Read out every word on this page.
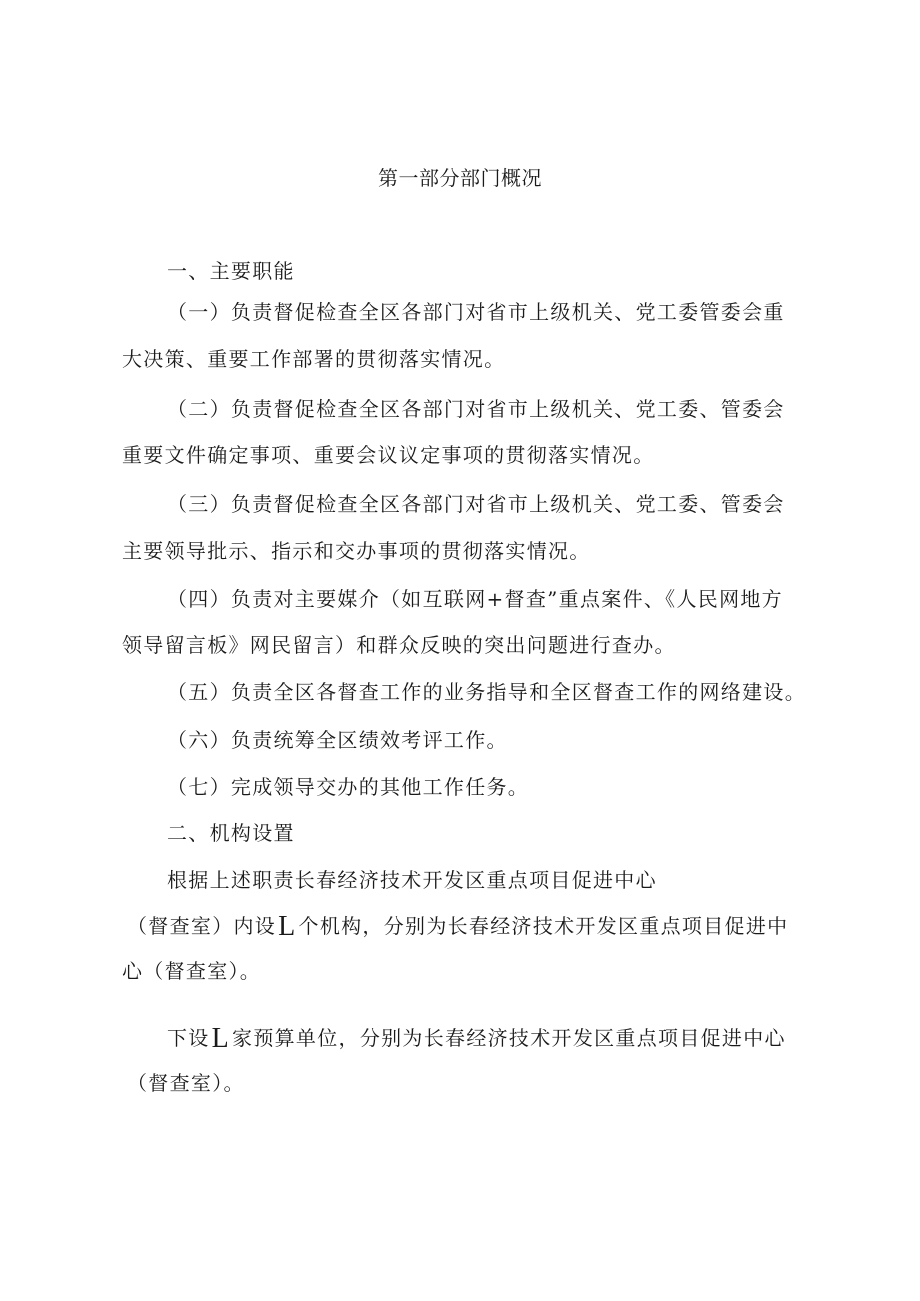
第一部分部门概况

一、主要职能

（一）负责督促检查全区各部门对省市上级机关、党工委管委会重

大决策、重要工作部署的贯彻落实情况。

（二）负责督促检查全区各部门对省市上级机关、党工委、管委会

重要文件确定事项、重要会议议定事项的贯彻落实情况。

（三）负责督促检查全区各部门对省市上级机关、党工委、管委会

主要领导批示、指示和交办事项的贯彻落实情况。

（四）负责对主要媒介（如互联网+督查”重点案件、《人民网地方

领导留言板》网民留言）和群众反映的突出问题进行查办。

（五）负责全区各督查工作的业务指导和全区督查工作的网络建设。

（六）负责统筹全区绩效考评工作。

（七）完成领导交办的其他工作任务。

二、机构设置

根据上述职责长春经济技术开发区重点项目促进中心

（督查室）内设L 个机构，分别为长春经济技术开发区重点项目促进中

心（督查室）。

下设L 家预算单位，分别为长春经济技术开发区重点项目促进中心

（督查室）。
